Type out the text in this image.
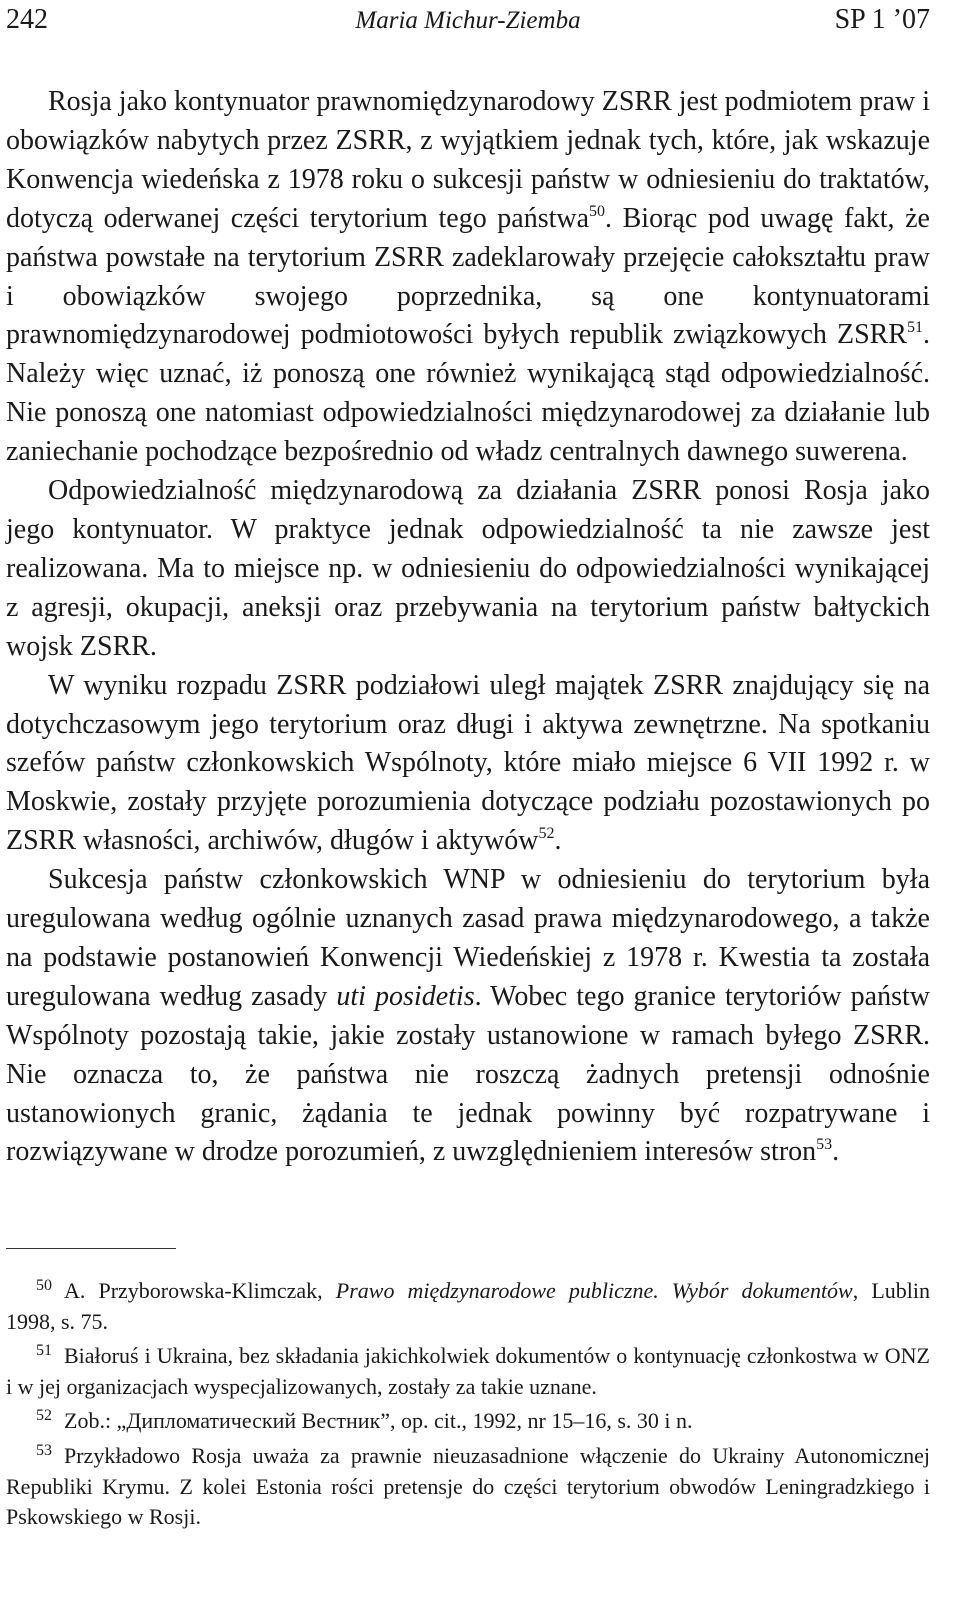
242	Maria Michur-Ziemba	SP 1 ’07

Rosja jako kontynuator prawnomiędzynarodowy ZSRR jest podmiotem praw i obowiązków nabytych przez ZSRR, z wyjątkiem jednak tych, które, jak wskazuje Konwencja wiedeńska z 1978 roku o sukcesji państw w odniesieniu do traktatów, dotyczą oderwanej części terytorium tego państwa$^{50}$. Biorąc pod uwagę fakt, że państwa powstałe na terytorium ZSRR zadeklarowały przejęcie całokształtu praw i obowiązków swojego poprzednika, są one kontynuatorami prawnomiędzynarodowej podmiotowości byłych republik związkowych ZSRR$^{51}$. Należy więc uznać, iż ponoszą one również wynikającą stąd odpowiedzialność. Nie ponoszą one natomiast odpowiedzialności międzynarodowej za działanie lub zaniechanie pochodzące bezpośrednio od władz centralnych dawnego suwerena.

Odpowiedzialność międzynarodową za działania ZSRR ponosi Rosja jako jego kontynuator. W praktyce jednak odpowiedzialność ta nie zawsze jest realizowana. Ma to miejsce np. w odniesieniu do odpowiedzialności wynikającej z agresji, okupacji, aneksji oraz przebywania na terytorium państw bałtyckich wojsk ZSRR.

W wyniku rozpadu ZSRR podziałowi uległ majątek ZSRR znajdujący się na dotychczasowym jego terytorium oraz długi i aktywa zewnętrzne. Na spotkaniu szefów państw członkowskich Wspólnoty, które miało miejsce 6 VII 1992 r. w Moskwie, zostały przyjęte porozumienia dotyczące podziału pozostawionych po ZSRR własności, archiwów, długów i aktywów$^{52}$.

Sukcesja państw członkowskich WNP w odniesieniu do terytorium była uregulowana według ogólnie uznanych zasad prawa międzynarodowego, a także na podstawie postanowień Konwencji Wiedeńskiej z 1978 r. Kwestia ta została uregulowana według zasady uti posidetis. Wobec tego granice terytoriów państw Wspólnoty pozostają takie, jakie zostały ustanowione w ramach byłego ZSRR. Nie oznacza to, że państwa nie roszczą żadnych pretensji odnośnie ustanowionych granic, żądania te jednak powinny być rozpatrywane i rozwiązywane w drodze porozumień, z uwzględnieniem interesów stron$^{53}$.

$^{50}$ A. Przyborowska-Klimczak, Prawo międzynarodowe publiczne. Wybór dokumentów, Lublin 1998, s. 75.

$^{51}$ Białoruś i Ukraina, bez składania jakichkolwiek dokumentów o kontynuację członkostwa w ONZ i w jej organizacjach wyspecjalizowanych, zostały za takie uznane.

$^{52}$ Zob.: „Дипломатический Вестник”, op. cit., 1992, nr 15–16, s. 30 i n.

$^{53}$ Przykładowo Rosja uważa za prawnie nieuzasadnione włączenie do Ukrainy Autonomicznej Republiki Krymu. Z kolei Estonia rości pretensje do części terytorium obwodów Leningradzkiego i Pskowskiego w Rosji.
